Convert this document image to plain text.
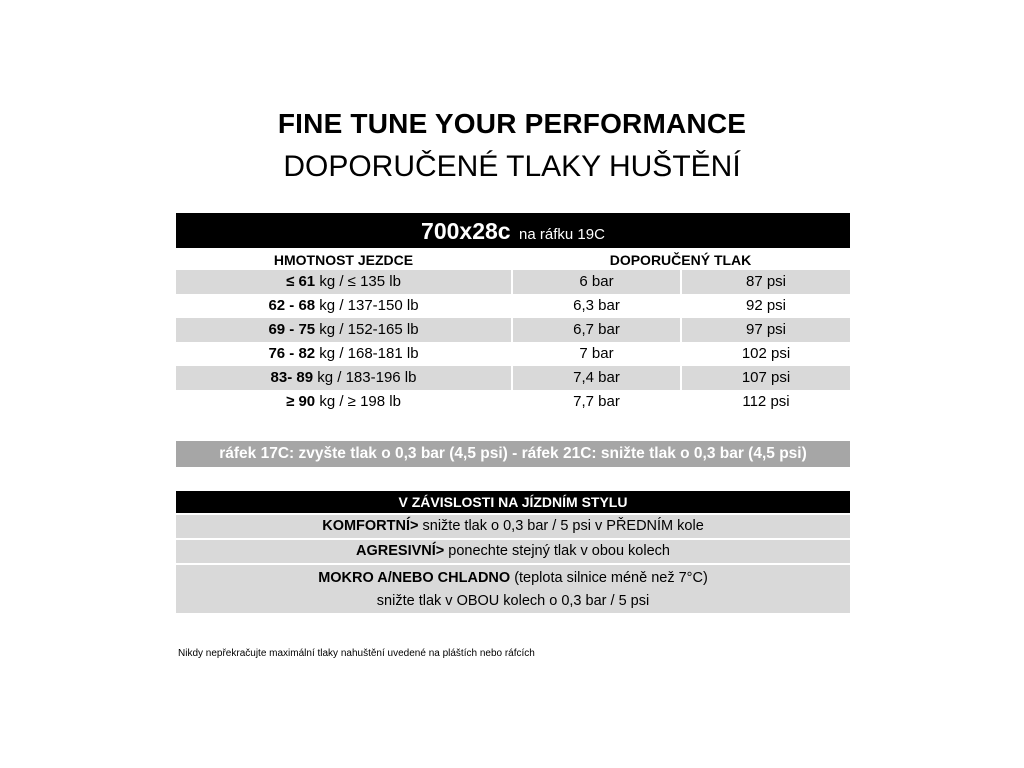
FINE TUNE YOUR PERFORMANCE
DOPORUČENÉ TLAKY HUŠTĚNÍ
700x28c na ráfku 19C
HMOTNOST JEZDCE	DOPORUČENÝ TLAK
≤ 61 kg / ≤ 135 lb	6 bar	87 psi
62 - 68 kg / 137-150 lb	6,3 bar	92 psi
69 - 75 kg / 152-165 lb	6,7 bar	97 psi
76 - 82 kg / 168-181 lb	7 bar	102 psi
83- 89 kg / 183-196 lb	7,4 bar	107 psi
≥ 90 kg / ≥ 198 lb	7,7 bar	112 psi
ráfek 17C: zvyšte tlak o 0,3 bar (4,5 psi) - ráfek 21C: snižte tlak o 0,3 bar (4,5 psi)
V ZÁVISLOSTI NA JÍZDNÍM STYLU
KOMFORTNÍ> snižte tlak o 0,3 bar / 5 psi v PŘEDNÍM kole
AGRESIVNÍ> ponechte stejný tlak v obou kolech
MOKRO A/NEBO CHLADNO (teplota silnice méně než 7°C)
snižte tlak v OBOU kolech o 0,3 bar / 5 psi
Nikdy nepřekračujte maximální tlaky nahuštění uvedené na pláštích nebo ráfcích
